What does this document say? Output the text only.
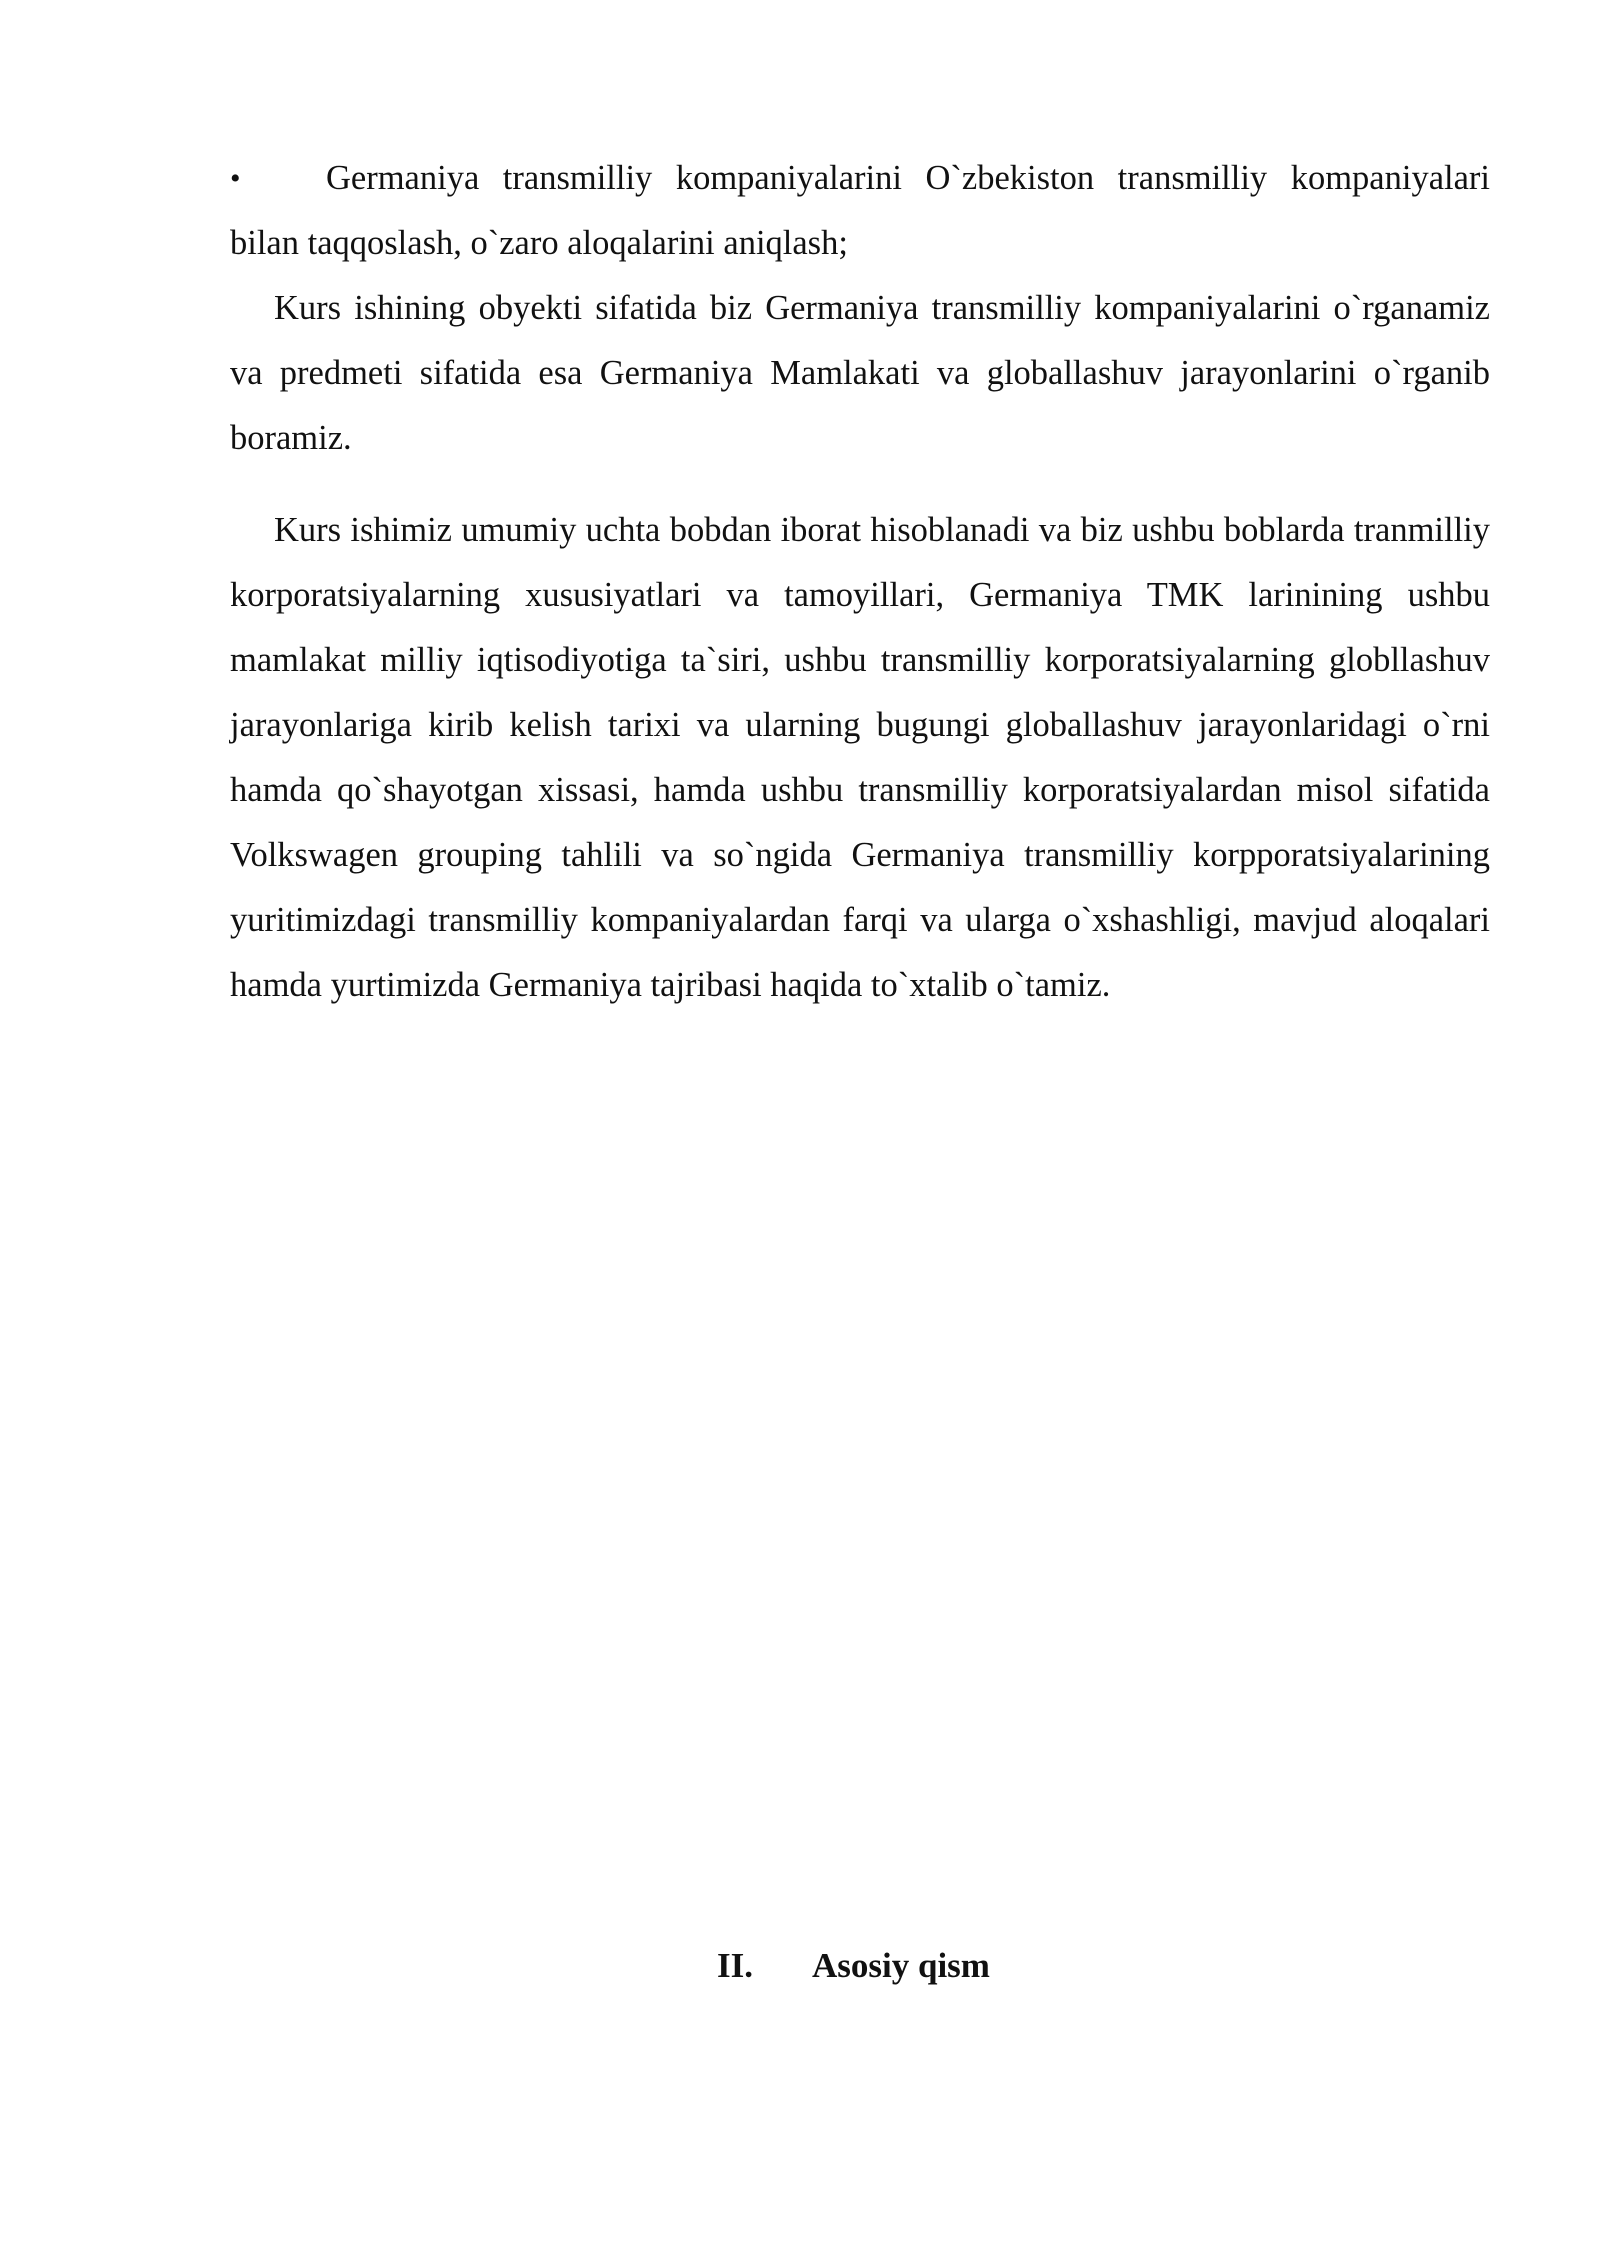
• Germaniya transmilliy kompaniyalarini O`zbekiston transmilliy kompaniyalari bilan taqqoslash, o`zaro aloqalarini aniqlash;

Kurs ishining obyekti sifatida biz Germaniya transmilliy kompaniyalarini o`rganamiz va predmeti sifatida esa Germaniya Mamlakati va globallashuv jarayonlarini o`rganib boramiz.

Kurs ishimiz umumiy uchta bobdan iborat hisoblanadi va biz ushbu boblarda tranmilliy korporatsiyalarning xususiyatlari va tamoyillari, Germaniya TMK larinining ushbu mamlakat milliy iqtisodiyotiga ta`siri, ushbu transmilliy korporatsiyalarning globllashuv jarayonlariga kirib kelish tarixi va ularning bugungi globallashuv jarayonlaridagi o`rni hamda qo`shayotgan xissasi, hamda ushbu transmilliy korporatsiyalardan misol sifatida Volkswagen grouping tahlili va so`ngida Germaniya transmilliy korpporatsiyalarining yuritimizdagi transmilliy kompaniyalardan farqi va ularga o`xshashligi, mavjud aloqalari hamda yurtimizda Germaniya tajribasi haqida to`xtalib o`tamiz.

II. Asosiy qism
